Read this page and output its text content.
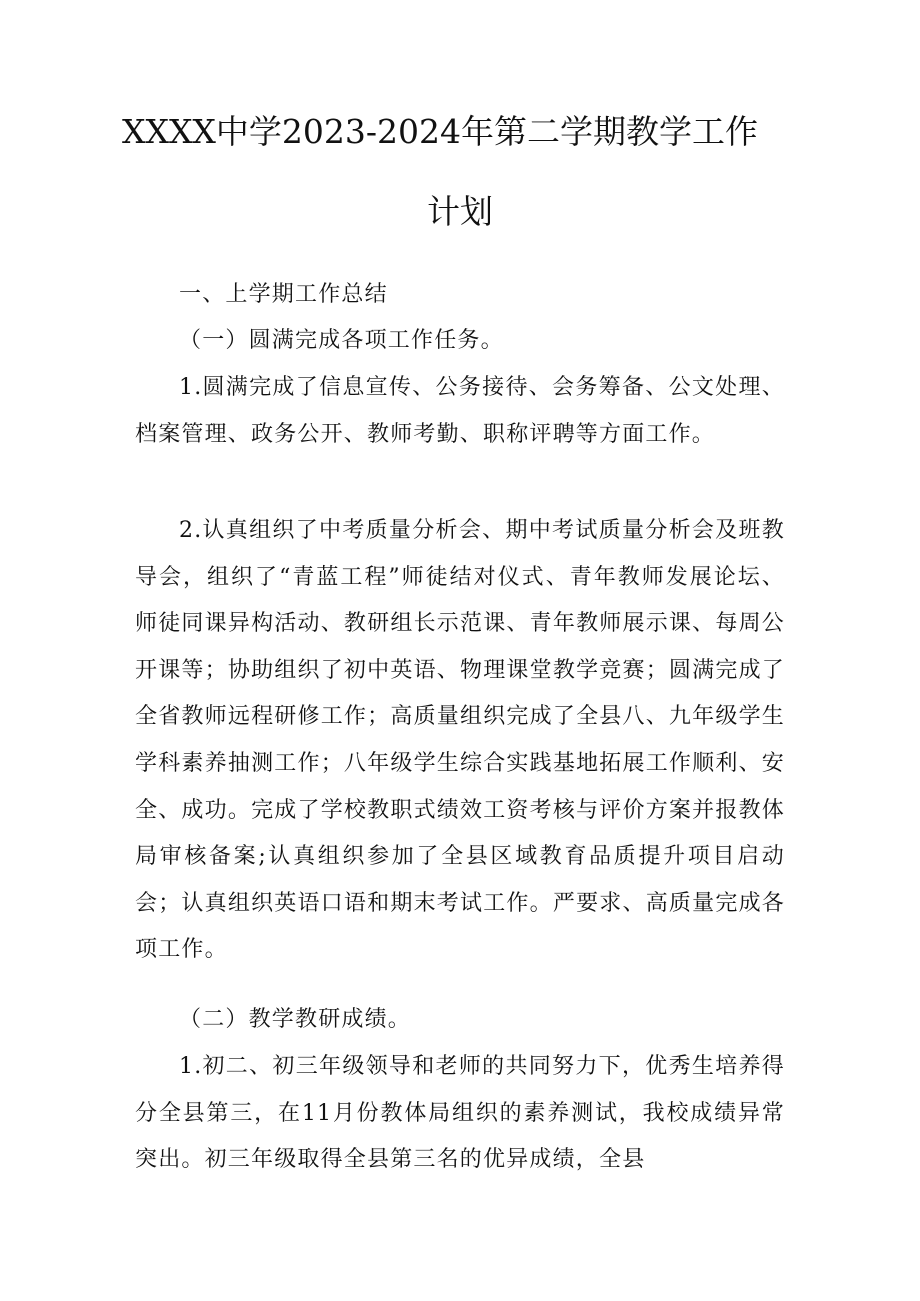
XXXX中学2023-2024年第二学期教学工作
计划
一、上学期工作总结
（一）圆满完成各项工作任务。
1.圆满完成了信息宣传、公务接待、会务筹备、公文处理、档案管理、政务公开、教师考勤、职称评聘等方面工作。
2.认真组织了中考质量分析会、期中考试质量分析会及班教导会，组织了“青蓝工程”师徒结对仪式、青年教师发展论坛、师徒同课异构活动、教研组长示范课、青年教师展示课、每周公开课等；协助组织了初中英语、物理课堂教学竞赛；圆满完成了全省教师远程研修工作；高质量组织完成了全县八、九年级学生学科素养抽测工作；八年级学生综合实践基地拓展工作顺利、安全、成功。完成了学校教职式绩效工资考核与评价方案并报教体局审核备案;认真组织参加了全县区域教育品质提升项目启动会；认真组织英语口语和期末考试工作。严要求、高质量完成各项工作。
（二）教学教研成绩。
1.初二、初三年级领导和老师的共同努力下，优秀生培养得分全县第三，在11月份教体局组织的素养测试，我校成绩异常突出。初三年级取得全县第三名的优异成绩，全县
